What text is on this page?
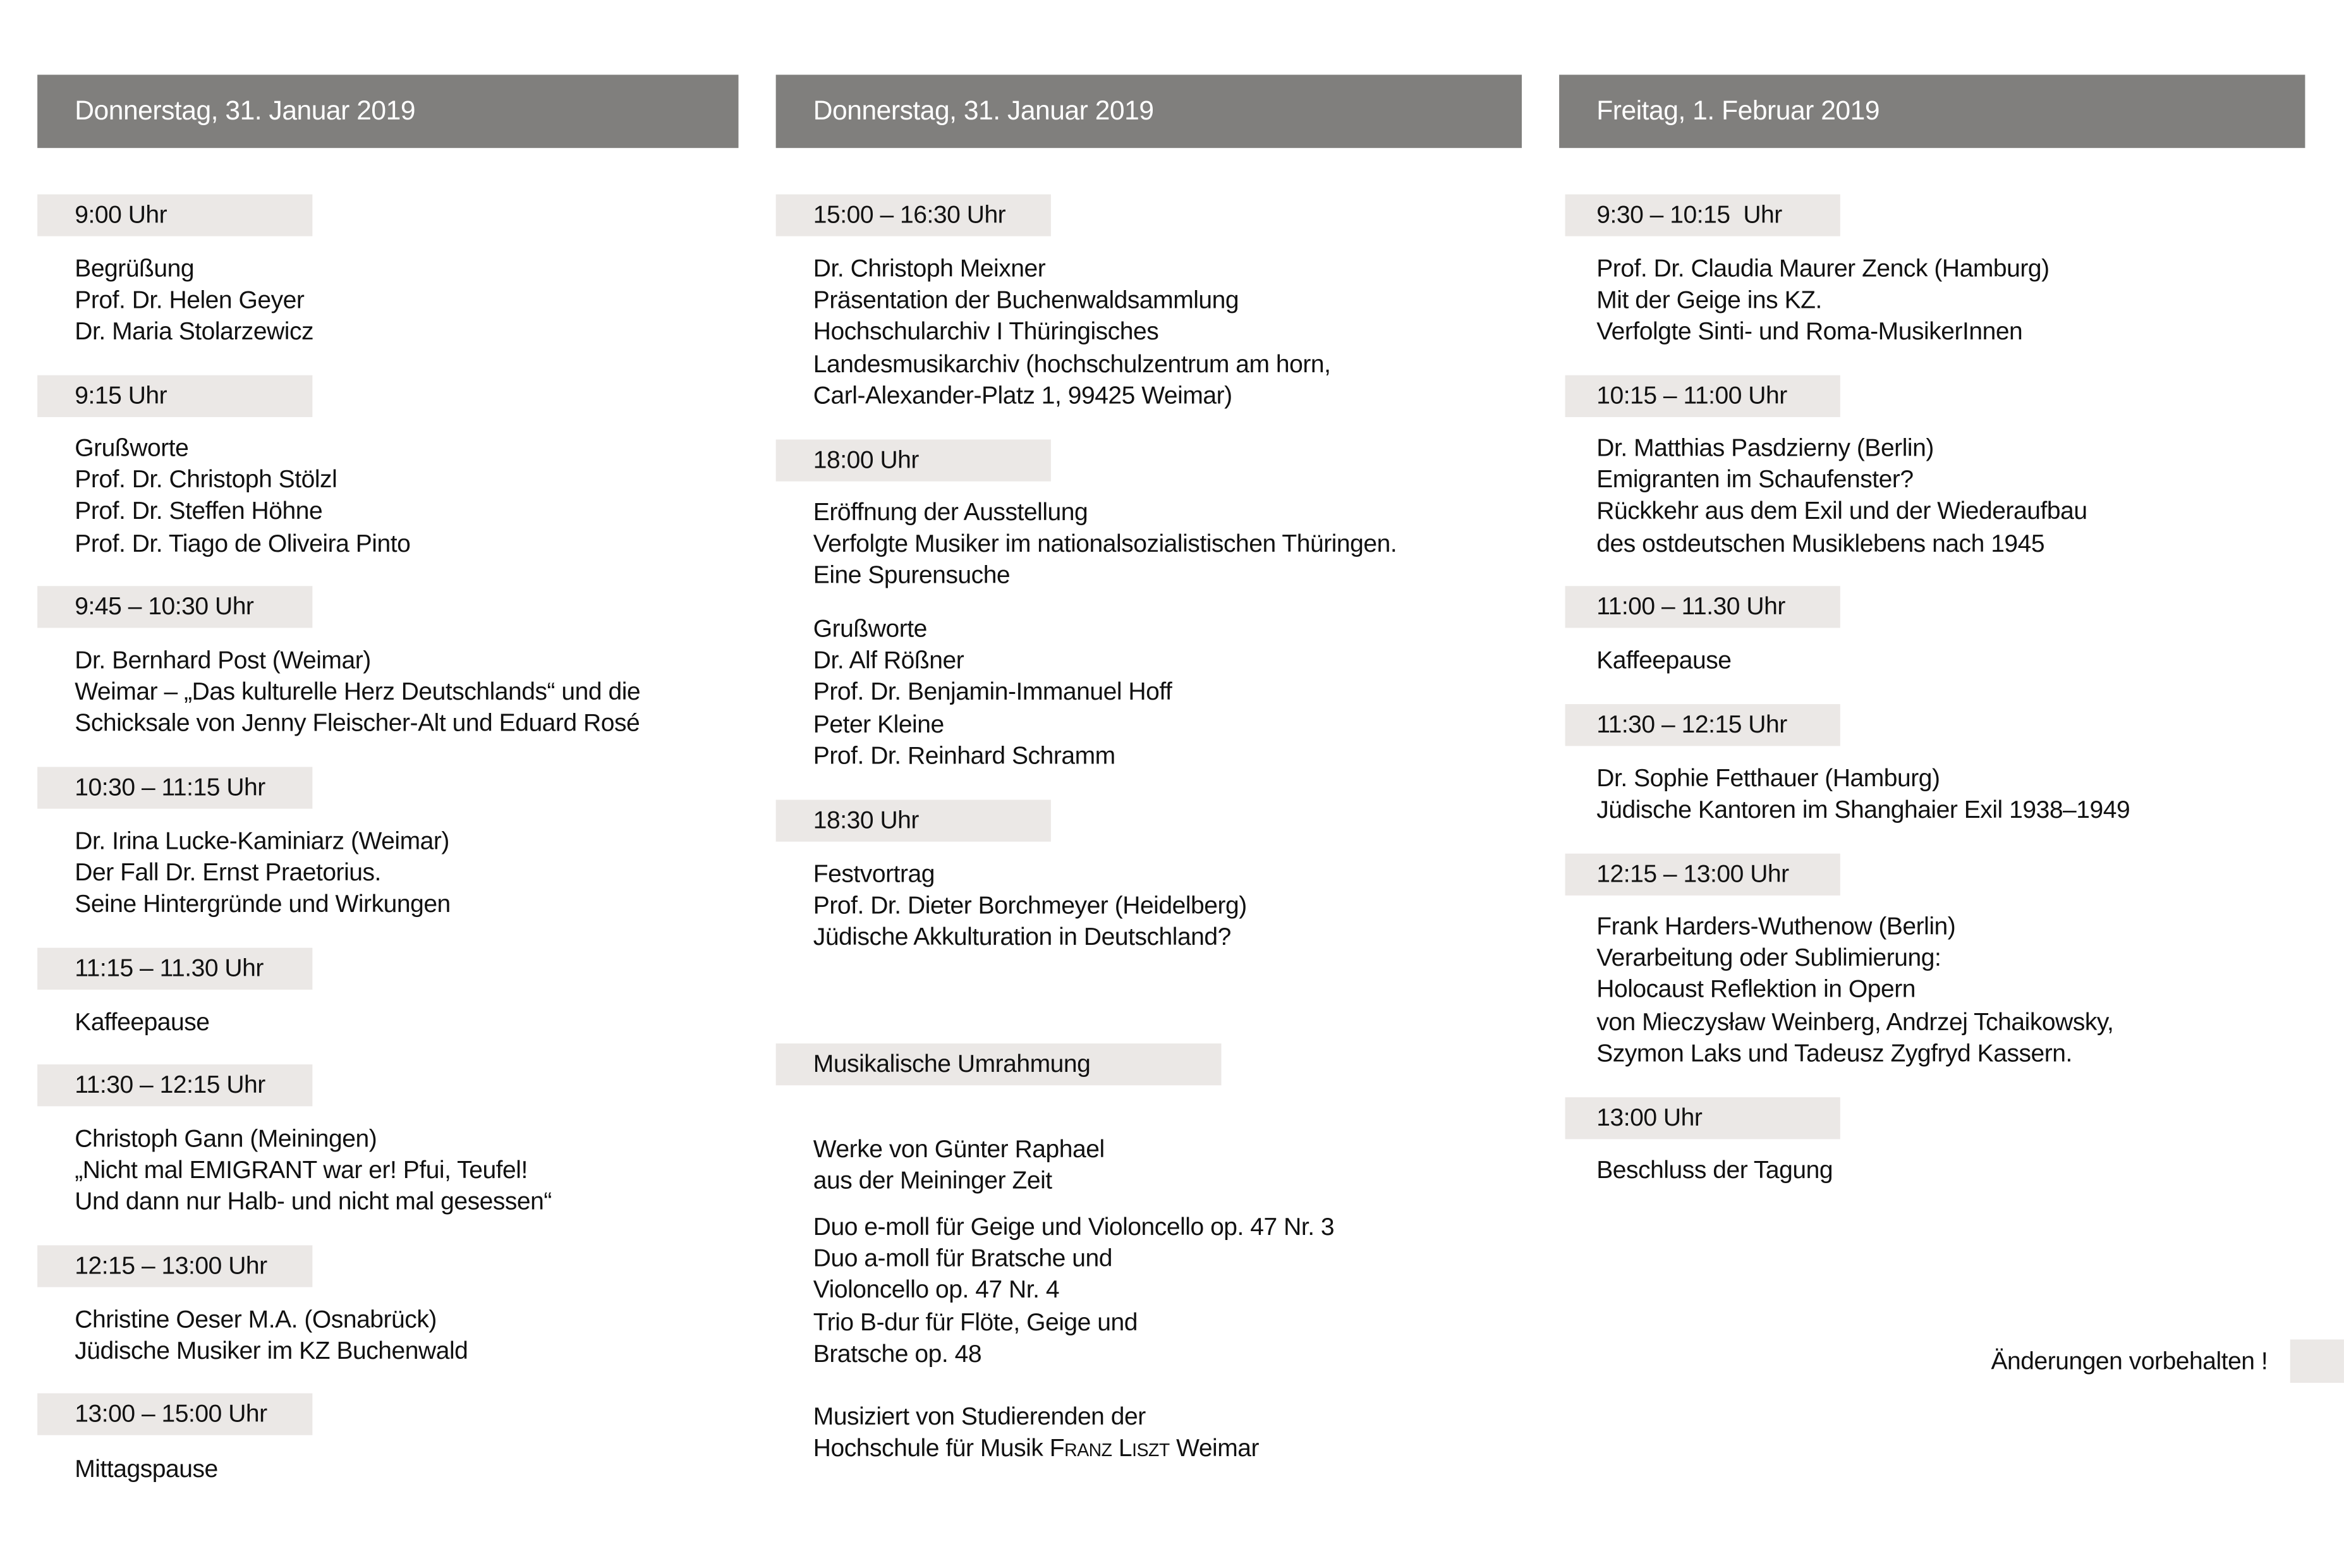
Donnerstag, 31. Januar 2019
9:00 Uhr
Begrüßung
Prof. Dr. Helen Geyer
Dr. Maria Stolarzewicz
9:15 Uhr
Grußworte
Prof. Dr. Christoph Stölzl
Prof. Dr. Steffen Höhne
Prof. Dr. Tiago de Oliveira Pinto
9:45 – 10:30 Uhr
Dr. Bernhard Post (Weimar)
Weimar – „Das kulturelle Herz Deutschlands“ und die
Schicksale von Jenny Fleischer-Alt und Eduard Rosé
10:30 – 11:15 Uhr
Dr. Irina Lucke-Kaminiarz (Weimar)
Der Fall Dr. Ernst Praetorius.
Seine Hintergründe und Wirkungen
11:15 – 11.30 Uhr
Kaffeepause
11:30 – 12:15 Uhr
Christoph Gann (Meiningen)
„Nicht mal EMIGRANT war er! Pfui, Teufel!
Und dann nur Halb- und nicht mal gesessen“
12:15 – 13:00 Uhr
Christine Oeser M.A. (Osnabrück)
Jüdische Musiker im KZ Buchenwald
13:00 – 15:00 Uhr
Mittagspause
Donnerstag, 31. Januar 2019
15:00 – 16:30 Uhr
Dr. Christoph Meixner
Präsentation der Buchenwaldsammlung
Hochschularchiv I Thüringisches
Landesmusikarchiv (hochschulzentrum am horn,
Carl-Alexander-Platz 1, 99425 Weimar)
18:00 Uhr
Eröffnung der Ausstellung
Verfolgte Musiker im nationalsozialistischen Thüringen.
Eine Spurensuche
Grußworte
Dr. Alf Rößner
Prof. Dr. Benjamin-Immanuel Hoff
Peter Kleine
Prof. Dr. Reinhard Schramm
18:30 Uhr
Festvortrag
Prof. Dr. Dieter Borchmeyer (Heidelberg)
Jüdische Akkulturation in Deutschland?
Musikalische Umrahmung
Werke von Günter Raphael
aus der Meininger Zeit
Duo e-moll für Geige und Violoncello op. 47 Nr. 3
Duo a-moll für Bratsche und
Violoncello op. 47 Nr. 4
Trio B-dur für Flöte, Geige und
Bratsche op. 48
Musiziert von Studierenden der
Hochschule für Musik Franz Liszt Weimar
Freitag, 1. Februar 2019
9:30 – 10:15  Uhr
Prof. Dr. Claudia Maurer Zenck (Hamburg)
Mit der Geige ins KZ.
Verfolgte Sinti- und Roma-MusikerInnen
10:15 – 11:00 Uhr
Dr. Matthias Pasdzierny (Berlin)
Emigranten im Schaufenster?
Rückkehr aus dem Exil und der Wiederaufbau
des ostdeutschen Musiklebens nach 1945
11:00 – 11.30 Uhr
Kaffeepause
11:30 – 12:15 Uhr
Dr. Sophie Fetthauer (Hamburg)
Jüdische Kantoren im Shanghaier Exil 1938–1949
12:15 – 13:00 Uhr
Frank Harders-Wuthenow (Berlin)
Verarbeitung oder Sublimierung:
Holocaust Reflektion in Opern
von Mieczysław Weinberg, Andrzej Tchaikowsky,
Szymon Laks und Tadeusz Zygfryd Kassern.
13:00 Uhr
Beschluss der Tagung
Änderungen vorbehalten !
